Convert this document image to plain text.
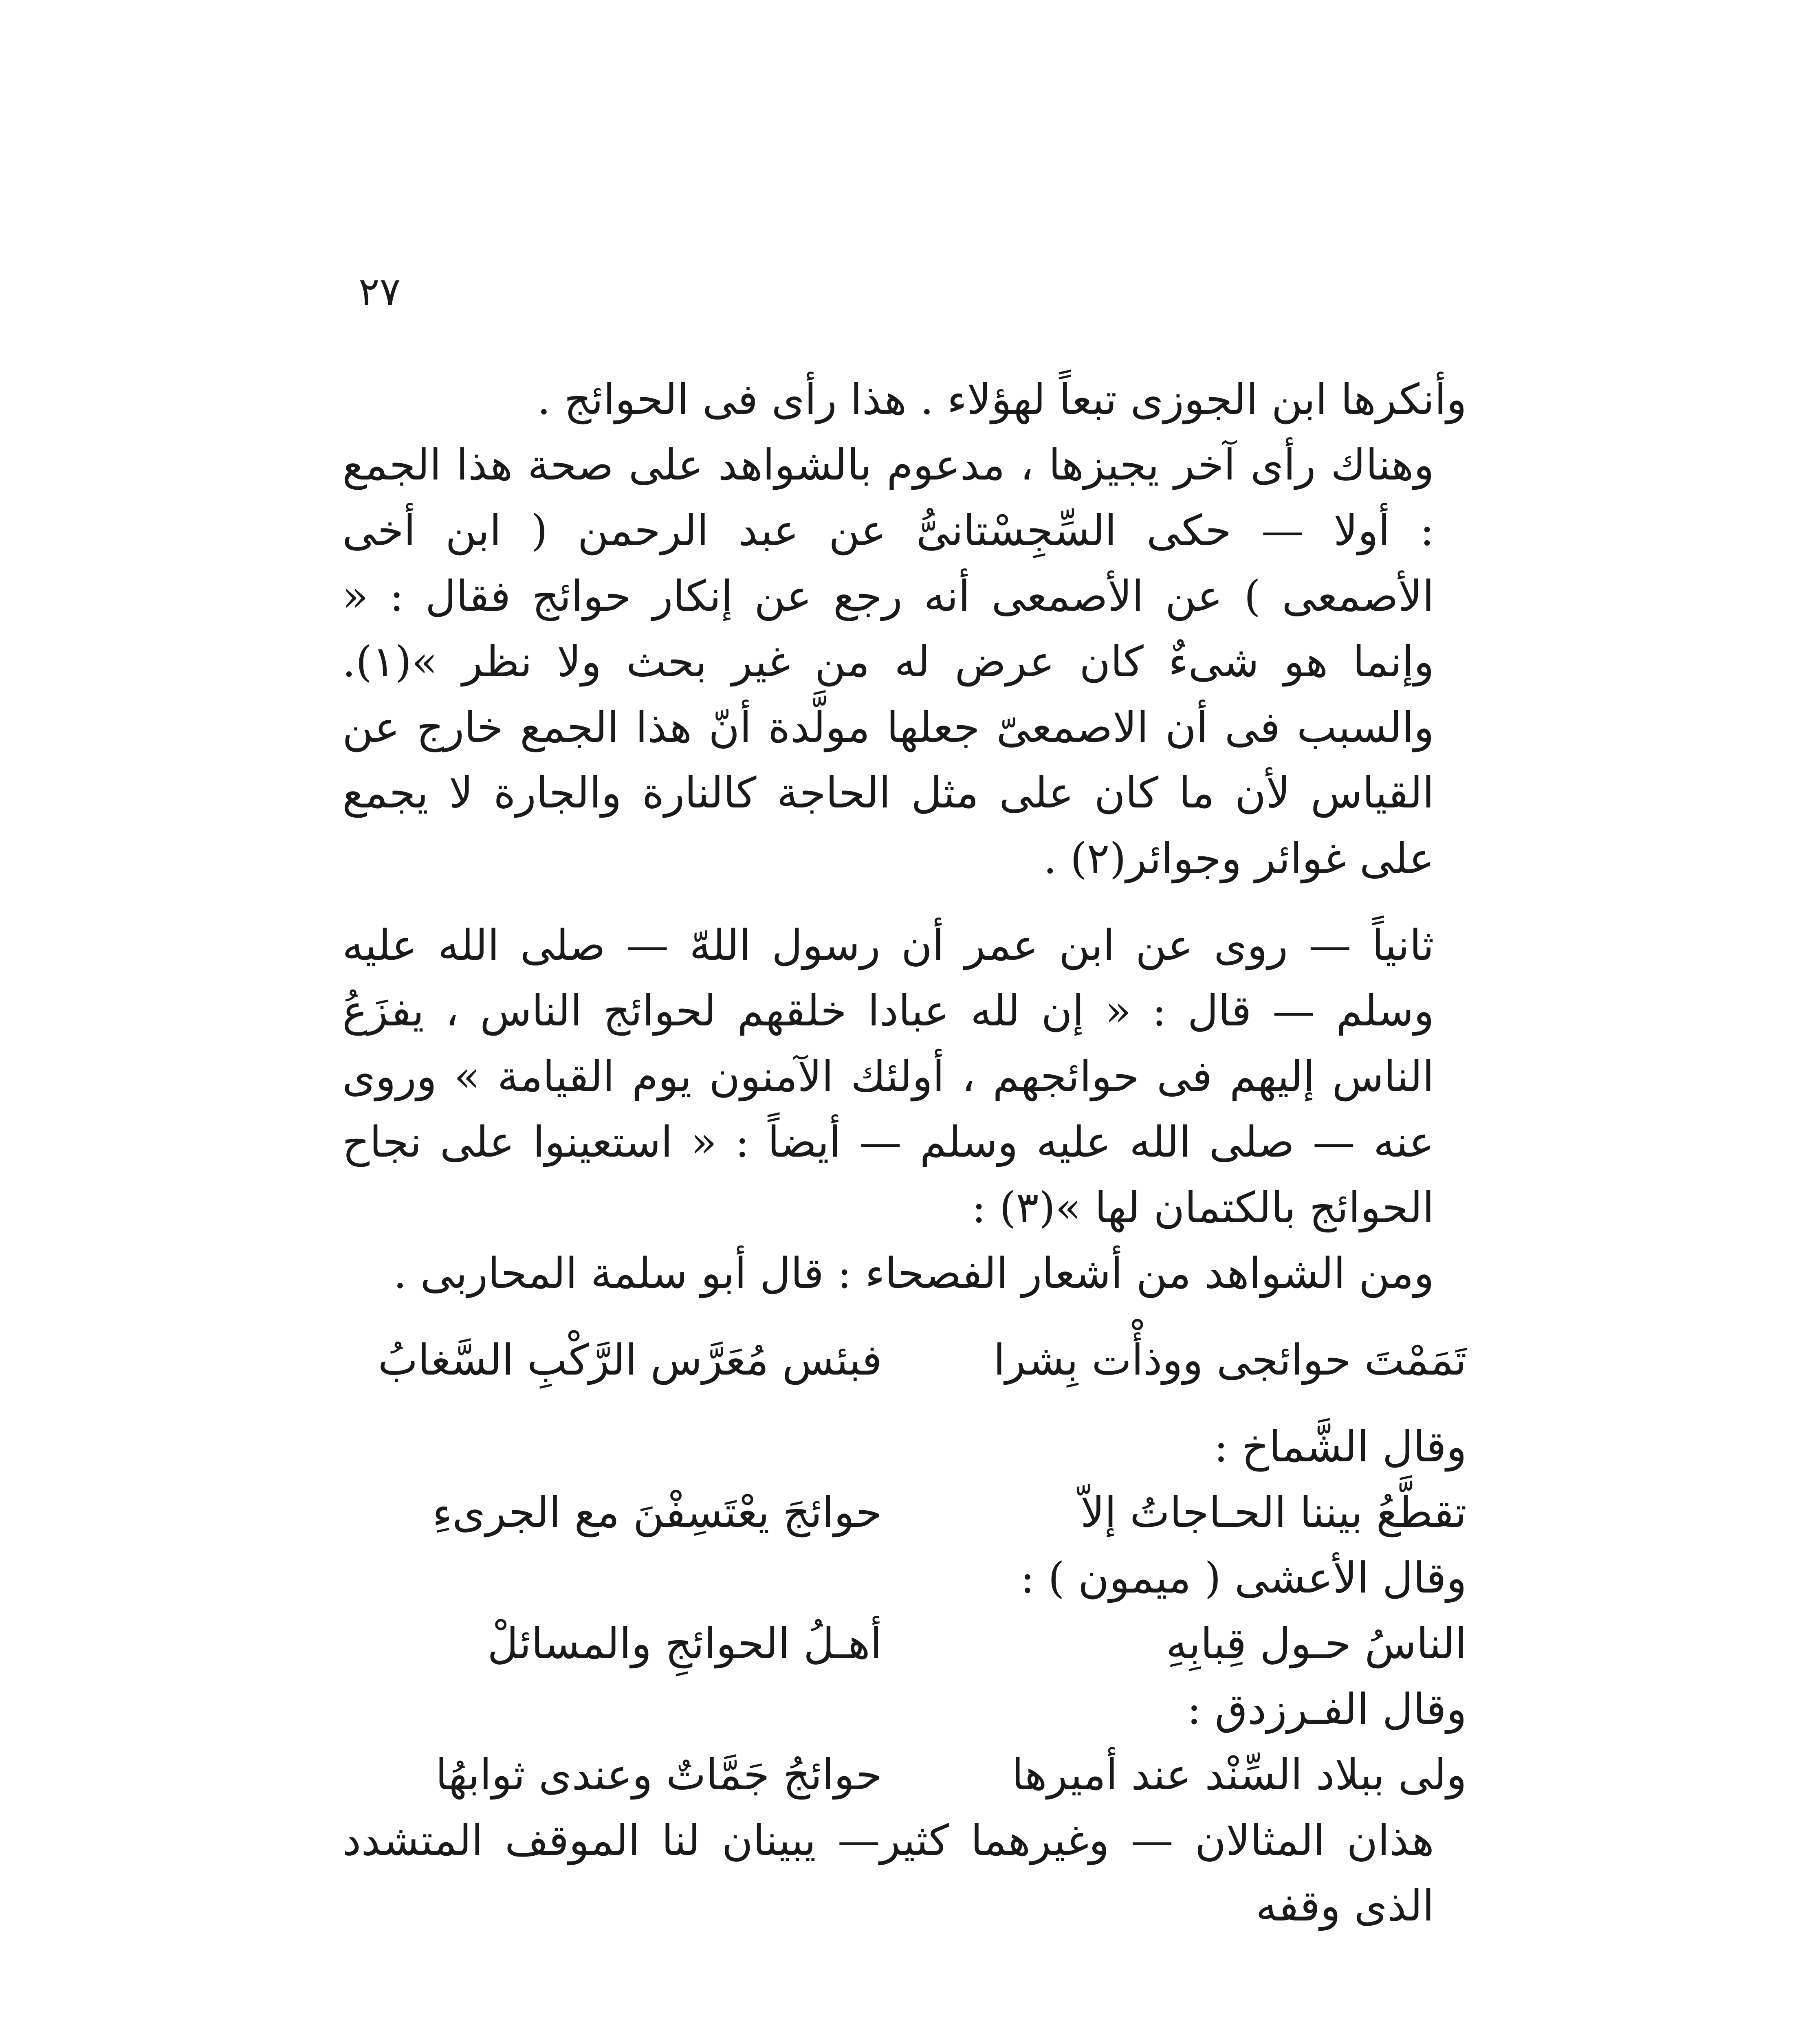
٢٧

وأنكرها ابن الجوزى تبعاً لهؤلاء . هذا رأى فى الحوائج .

وهناك رأى آخر يجيزها ، مدعوم بالشواهد على صحة هذا الجمع : أولا — حكى السِّجِسْتانىُّ عن عبد الرحمن ( ابن أخى الأصمعى ) عن الأصمعى أنه رجع عن إنكار حوائج فقال : « وإنما هو شىءٌ كان عرض له من غير بحث ولا نظر »(١). والسبب فى أن الاصمعىّ جعلها مولَّدة أنّ هذا الجمع خارج عن القياس لأن ما كان على مثل الحاجة كالنارة والجارة لا يجمع على غوائر وجوائر(٢) .

ثانياً — روى عن ابن عمر أن رسول اللهّ — صلى الله عليه وسلم — قال : « إن لله عبادا خلقهم لحوائج الناس ، يفزَعُ الناس إليهم فى حوائجهم ، أولئك الآمنون يوم القيامة » وروى عنه — صلى الله عليه وسلم — أيضاً : « استعينوا على نجاح الحوائج بالكتمان لها »(٣) :

ومن الشواهد من أشعار الفصحاء : قال أبو سلمة المحاربى .

تَمَمْتَ حوائجى ووذأْت بِشرا
فبئس مُعَرَّس الرَّكْبِ السَّغابُ

وقال الشَّماخ :

تقطَّعُ بيننا الحـاجاتُ إلاّ
حوائجَ يعْتَسِفْنَ مع الجرىءِ

وقال الأعشى ( ميمون ) :

الناسُ حـول قِبابِهِ
أهـلُ الحوائجِ والمسائلْ

وقال الفـرزدق :

ولى ببلاد السِّنْد عند أميرها
حوائجُ جَمَّاتٌ وعندى ثوابهُا

هذان المثالان — وغيرهما كثير— يبينان لنا الموقف المتشدد الذى وقفه
